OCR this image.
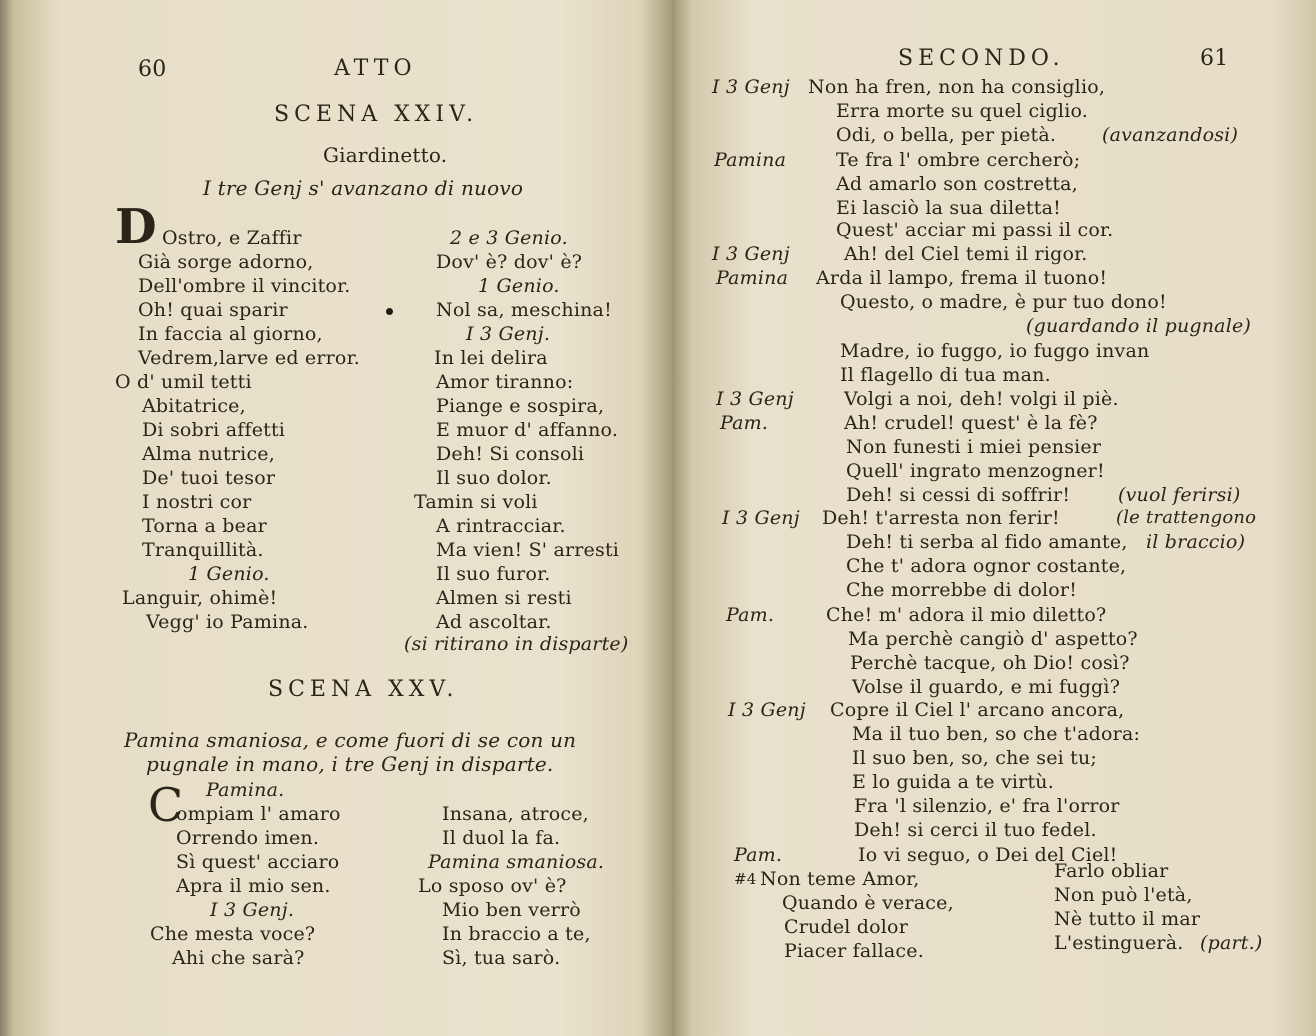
60	ATTO
SCENA XXIV.
Giardinetto.
I tre Genj s' avanzano di nuovo
D Ostro, e Zaffir
Già sorge adorno,
Dell'ombre il vincitor.
Oh! quai sparir
In faccia al giorno,
Vedrem,larve ed error.
O d' umil tetti
Abitatrice,
Di sobri affetti
Alma nutrice,
De' tuoi tesor
I nostri cor
Torna a bear
Tranquillità.
1 Genio.
Languir, ohimè!
Vegg' io Pamina.
2 e 3 Genio.
Dov' è? dov' è?
1 Genio.
Nol sa, meschina!
I 3 Genj.
In lei delira
Amor tiranno:
Piange e sospira,
E muor d' affanno.
Deh! Si consoli
Il suo dolor.
Tamin si voli
A rintracciar.
Ma vien! S' arresti
Il suo furor.
Almen si resti
Ad ascoltar.
(si ritirano in disparte)
SCENA XXV.
Pamina smaniosa, e come fuori di se con un
pugnale in mano, i tre Genj in disparte.
C Pamina.
ompiam l' amaro
Orrendo imen.
Sì quest' acciaro
Apra il mio sen.
I 3 Genj.
Che mesta voce?
Ahi che sarà?
Insana, atroce,
Il duol la fa.
Pamina smaniosa.
Lo sposo ov' è?
Mio ben verrò
In braccio a te,
Sì, tua sarò.
SECONDO.	61
I 3 Genj
Pamina
I 3 Genj
Pamina
I 3 Genj
Pam.
I 3 Genj
Pam.
I 3 Genj
Pam.
#4
Non ha fren, non ha consiglio,
Erra morte su quel ciglio.
Odi, o bella, per pietà.
Te fra l' ombre cercherò;
Ad amarlo son costretta,
Ei lasciò la sua diletta!
Quest' acciar mi passi il cor.
Ah! del Ciel temi il rigor.
Arda il lampo, frema il tuono!
Questo, o madre, è pur tuo dono!
Madre, io fuggo, io fuggo invan
Il flagello di tua man.
Volgi a noi, deh! volgi il piè.
Ah! crudel! quest' è la fè?
Non funesti i miei pensier
Quell' ingrato menzogner!
Deh! si cessi di soffrir!
Deh! t'arresta non ferir!
Deh! ti serba al fido amante,
Che t' adora ognor costante,
Che morrebbe di dolor!
Che! m' adora il mio diletto?
Ma perchè cangiò d' aspetto?
Perchè tacque, oh Dio! così?
Volse il guardo, e mi fuggì?
Copre il Ciel l' arcano ancora,
Ma il tuo ben, so che t'adora:
Il suo ben, so, che sei tu;
E lo guida a te virtù.
Fra 'l silenzio, e' fra l'orror
Deh! si cerci il tuo fedel.
Io vi seguo, o Dei del Ciel!
(avanzandosi)
(guardando il pugnale)
(vuol ferirsi)
(le trattengono
il braccio)
Non teme Amor,
Quando è verace,
Crudel dolor
Piacer fallace.
Farlo obliar
Non può l'età,
Nè tutto il mar
L'estinguerà. (part.)
